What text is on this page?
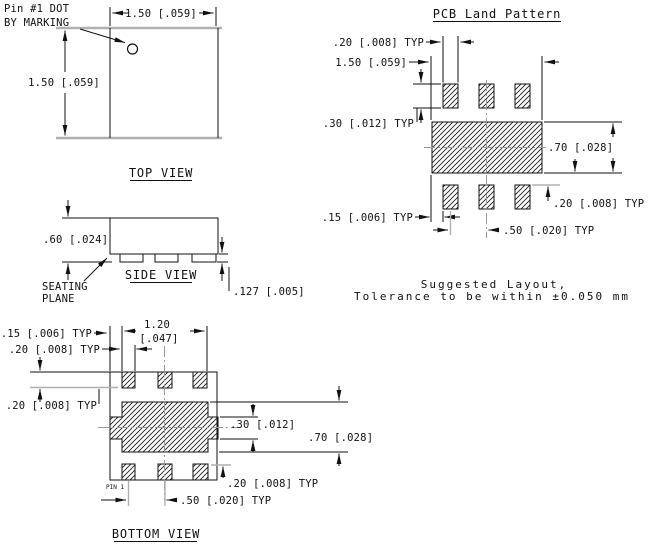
Pin #1 DOT
BY MARKING
1.50 [.059]
1.50 [.059]
TOP VIEW
.60 [.024]
.127 [.005]
SEATING
PLANE
SIDE VIEW
PCB Land Pattern
.20 [.008] TYP
1.50 [.059]
.30 [.012] TYP
.70 [.028]
.20 [.008] TYP
.15 [.006] TYP
.50 [.020] TYP
Suggested Layout,
Tolerance to be within ±0.050 mm
.15 [.006] TYP
.20 [.008] TYP
.20 [.008] TYP
1.20
[.047]
.30 [.012]
.70 [.028]
.20 [.008] TYP
.50 [.020] TYP
PIN 1
BOTTOM VIEW
